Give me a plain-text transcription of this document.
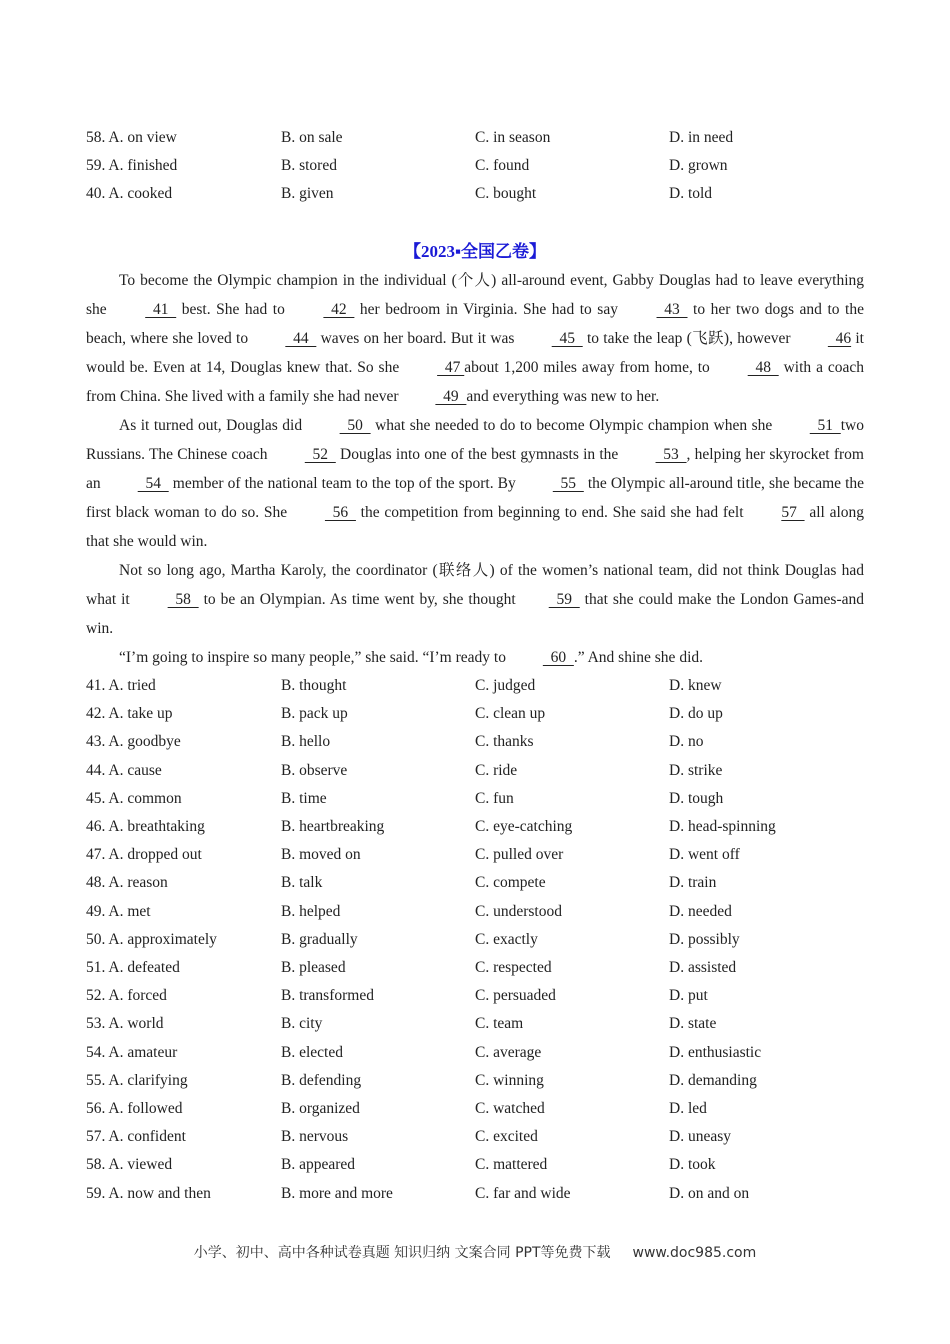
58. A. on view	B. on sale	C. in season	D. in need
59. A. finished	B. stored	C. found	D. grown
40. A. cooked	B. given	C. bought	D. told
【2023▪全国乙卷】

To become the Olympic champion in the individual (个人) all-around event, Gabby Douglas had to leave everything she   41   best. She had to   42   her bedroom in Virginia. She had to say   43   to her two dogs and to the beach, where she loved to   44   waves on her board. But it was   45   to take the leap (飞跃), however   46 it would be. Even at 14, Douglas knew that. So she   47 about 1,200 miles away from home, to   48   with a coach from China. She lived with a family she had never   49  and everything was new to her.

As it turned out, Douglas did   50   what she needed to do to become Olympic champion when she   51  two Russians. The Chinese coach   52   Douglas into one of the best gymnasts in the   53  , helping her skyrocket from an   54   member of the national team to the top of the sport. By   55   the Olympic all-around title, she became the first black woman to do so. She   56   the competition from beginning to end. She said she had felt 57   all along that she would win.

Not so long ago, Martha Karoly, the coordinator (联络人) of the women’s national team, did not think Douglas had what it   58   to be an Olympian. As time went by, she thought  59   that she could make the London Games-and win.

“I’m going to inspire so many people,” she said. “I’m ready to   60  .” And shine she did.

41. A. tried	B. thought	C. judged	D. knew
42. A. take up	B. pack up	C. clean up	D. do up
43. A. goodbye	B. hello	C. thanks	D. no
44. A. cause	B. observe	C. ride	D. strike
45. A. common	B. time	C. fun	D. tough
46. A. breathtaking	B. heartbreaking	C. eye-catching	D. head-spinning
47. A. dropped out	B. moved on	C. pulled over	D. went off
48. A. reason	B. talk	C. compete	D. train
49. A. met	B. helped	C. understood	D. needed
50. A. approximately	B. gradually	C. exactly	D. possibly
51. A. defeated	B. pleased	C. respected	D. assisted
52. A. forced	B. transformed	C. persuaded	D. put
53. A. world	B. city	C. team	D. state
54. A. amateur	B. elected	C. average	D. enthusiastic
55. A. clarifying	B. defending	C. winning	D. demanding
56. A. followed	B. organized	C. watched	D. led
57. A. confident	B. nervous	C. excited	D. uneasy
58. A. viewed	B. appeared	C. mattered	D. took
59. A. now and then	B. more and more	C. far and wide	D. on and on
小学、初中、高中各种试卷真题 知识归纳 文案合同 PPT等免费下载 www.doc985.com
